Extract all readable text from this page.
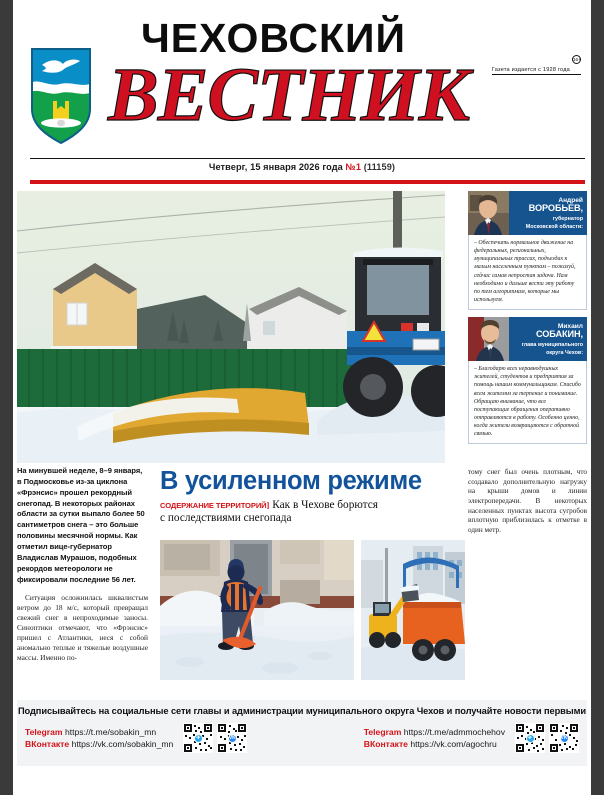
ЧЕХОВСКИЙ
Газета издается с 1928 года16+
ВЕСТНИК
Четверг, 15 января 2026 года №1 (11159)
Андрей
ВОРОБЬЕВ,
губернатор
Московской области:
– Обеспечить нормальное движение на федеральных, региональных, муниципальных трассах, подъездах к малым населенным пунктам – пожалуй, сейчас самая непростая задача. Нам необходимо и дальше вести эту работу по тем алгоритмам, которые мы используем.
Михаил
СОБАКИН,
глава муниципального
округа Чехов:
– Благодарю всех неравнодушных жителей, студентов и предприятия за помощь нашим коммунальщикам. Спасибо всем жителям за терпение и понимание. Обращаю внимание, что все поступающие обращения оперативно отправляются в работу. Особенно ценно, когда жители возвращаются с обратной связью.
В усиленном режиме
СОДЕРЖАНИЕ ТЕРРИТОРИЙ] Как в Чехове борются
с последствиями снегопада
На минувшей неделе, 8–9 января, в Подмосковье из-за циклона «Фрэнсис» прошел рекордный снегопад. В некоторых районах области за сутки выпало более 50 сантиметров снега – это больше половины месячной нормы. Как отметил вице-губернатор Владислав Мурашов, подобных рекордов метеорологи не фиксировали последние 56 лет.
Ситуация осложнилась шквалистым ветром до 18 м/с, который превращал свежий снег в непроходимые заносы. Синоптики отмечают, что «Фрэнсис» пришел с Атлантики, неся с собой аномально теплые и тяжелые воздушные массы. Именно по-
тому снег был очень плотным, что создавало дополнительную нагрузку на крыши домов и линии электропередачи. В некоторых населенных пунктах высота сугробов вплотную приблизилась к отметке в один метр.
Подписывайтесь на социальные сети главы и администрации муниципального округа Чехов и получайте новости первыми
Telegram https://t.me/sobakin_mn
ВКонтакте https://vk.com/sobakin_mn
✈	VK
Telegram https://t.me/admmochehov
ВКонтакте https://vk.com/agochru
✈	VK
